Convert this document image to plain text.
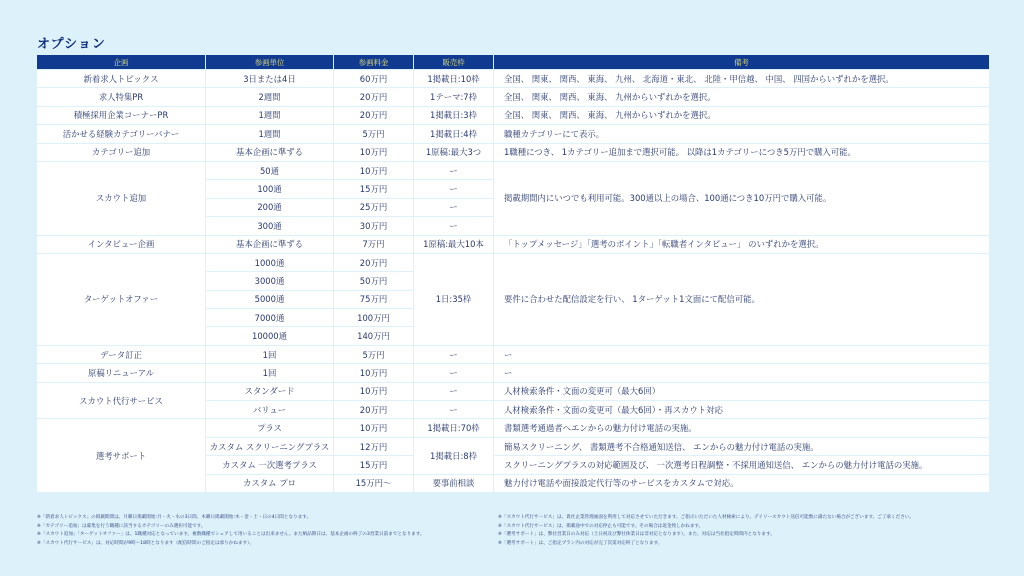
オプション
企画	参画単位	参画料金	販売枠	備考
新着求人トピックス	3日または4日	60万円	1掲載日:10枠	全国、 関東、 関西、 東海、 九州、 北海道・東北、 北陸・甲信越、 中国、 四国からいずれかを選択。
求人特集PR	2週間	20万円	1テーマ:7枠	全国、 関東、 関西、 東海、 九州からいずれかを選択。
積極採用企業コーナーPR	1週間	20万円	1掲載日:3枠	全国、 関東、 関西、 東海、 九州からいずれかを選択。
活かせる経験カテゴリーバナー	1週間	5万円	1掲載日:4枠	職種カテゴリーにて表示。
カテゴリー追加	基本企画に準ずる	10万円	1原稿:最大3つ	1職種につき、 1カテゴリー追加まで選択可能。 以降は1カテゴリーにつき5万円で購入可能。
スカウト追加	50通	10万円	ー	掲載期間内にいつでも利用可能。300通以上の場合、100通につき10万円で購入可能。
	100通	15万円	ー	
	200通	25万円	ー	
	300通	30万円	ー	
インタビュー企画	基本企画に準ずる	7万円	1原稿:最大10本	「トップメッセージ」「選考のポイント」「転職者インタビュー」 のいずれかを選択。
ターゲットオファー	1000通	20万円	1日:35枠	要件に合わせた配信設定を行い、 1ターゲット1文面にて配信可能。
	3000通	50万円		
	5000通	75万円		
	7000通	100万円		
	10000通	140万円		
データ訂正	1回	5万円	ー	ー
原稿リニューアル	1回	10万円	ー	ー
スカウト代行サービス	スタンダード	10万円	ー	人材検索条件・文面の変更可（最大6回）
	バリュー	20万円	ー	人材検索条件・文面の変更可（最大6回）・再スカウト対応
選考サポート	プラス	10万円	1掲載日:70枠	書類選考通過者へエンからの魅力付け電話の実施。
	カスタム スクリーニングプラス	12万円	1掲載日:8枠	簡易スクリーニング、 書類選考不合格通知送信、 エンからの魅力付け電話の実施。
	カスタム 一次選考プラス	15万円		スクリーニングプラスの対応範囲及び、 一次選考日程調整・不採用通知送信、 エンからの魅力付け電話の実施。
	カスタム プロ	15万円〜	要事前相談	魅力付け電話や面接設定代行等のサービスをカスタムで対応。
※「新着求人トピックス」の掲載期間は、月曜日掲載開始:月・火・水の3日間、木曜日掲載開始:木・金・土・日の4日間となります。
※「カテゴリー追加」は募集を行う職種に該当するカテゴリーのみ選択可能です。
※「スカウト追加」「ターゲットオファー」は、1職種対応となっています。複数職種でシェアして用いることは出来ません。また納品期日は、基本企画の終了の3営業日前までとなります。
※「スカウト代行サービス」は、対応時間が9時〜18時となります（配信時間のご指定は承りかねます）。
※「スカウト代行サービス」は、貴社企業管理画面を利用して対応させていただきます。ご指示いただいた人材検索により、デイリースカウト送信可能数に満たない場合がございます。ご了承ください。
※「スカウト代行サービス」は、掲載途中での対応停止も可能です。その場合は返金致しかねます。
※「選考サポート」は、弊社営業日のみ対応（土日祝及び弊社休業日は非対応となります）。また、対応は当社指定時間内となります。
※「選考サポート」は、ご指定プラン内の対応が完了次第対応終了となります。
